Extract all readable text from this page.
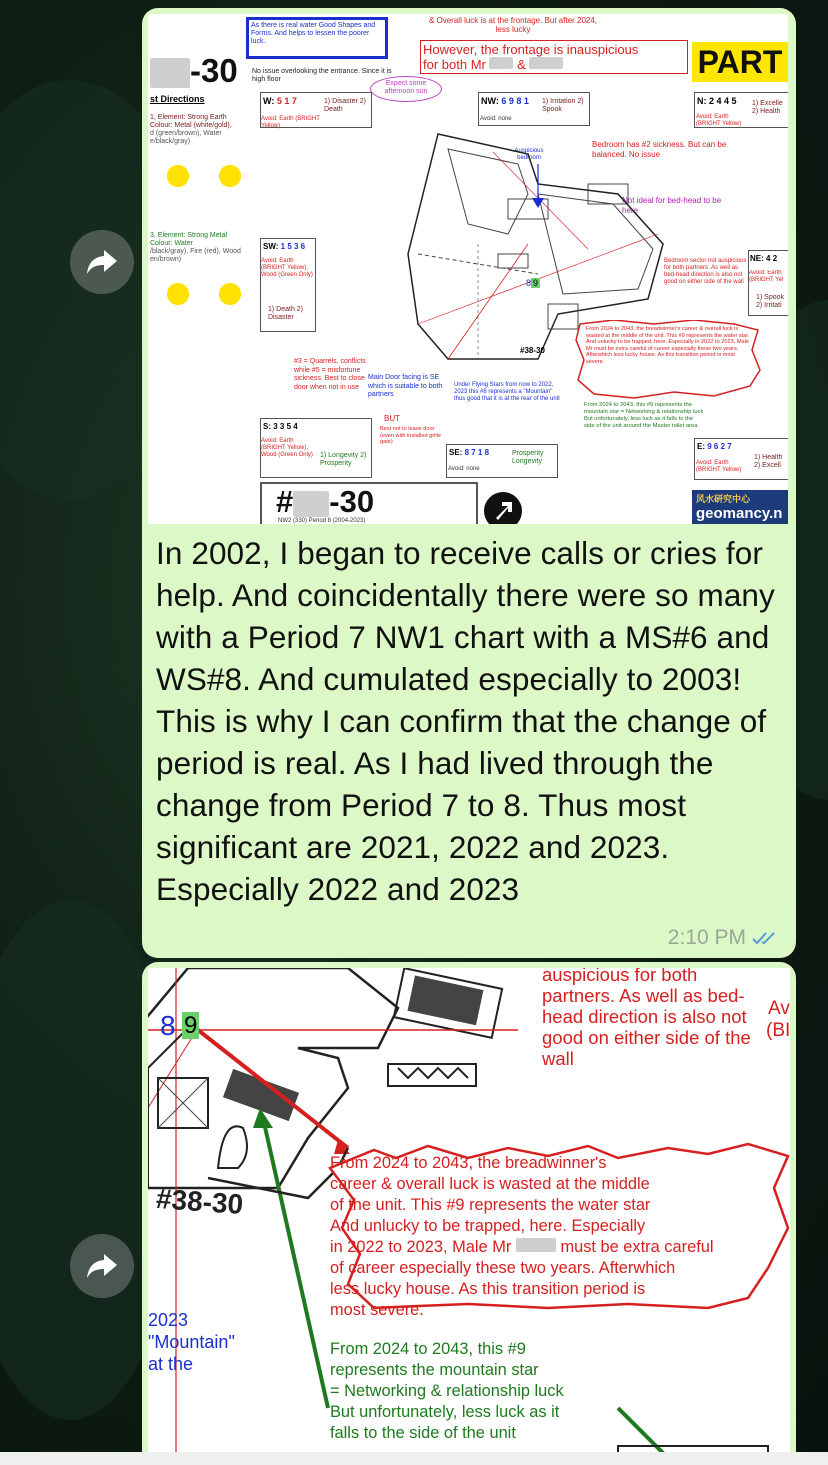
As there is real water Good Shapes and Forms. And helps to lessen the poorer luck.
& Overall luck is at the frontage. But after 2024, less lucky
-30 No issue overlooking the entrance. Since it is high floor
However, the frontage is inauspicious
for both Mr &	PART
st Directions
1, Element: Strong Earth
Colour: Metal (white/gold),
d (green/brown), Water
e/black/gray)
3, Element: Strong Metal
Colour: Water
/black/gray), Fire (red), Wood
en/brown)
W: 5 1 7	1) Disaster 2) Death
Avoid: Earth (BRIGHT Yellow)
Expect some afternoon sun
NW: 6 9 8 1 1) Irritation 2) Spook
Avoid: none
N: 2 4 4 5 1) Excelle 2) Health
Avoid: Earth (BRIGHT Yellow)
Bedroom has #2 sickness. But can be balanced. No issue
Not ideal for bed-head to be here
Auspicious bedroom
8 9
#38-30
SW: 1 5 3 6
Avoid: Earth (BRIGHT Yellow), Wood (Green Only)
1) Death 2) Disaster
Bedroom sector not auspicious for both partners. As well as bed-head direction is also not good on either side of the wall
NE: 4 2
Avoid: Earth (BRIGHT Yel
1) Spook 2) Irritati
From 2024 to 2043, the breadwinner's career & overall luck is wasted at the middle of the unit. This #9 represents the water star And unlucky to be trapped, here. Especially in 2022 to 2023, Male Mr must be extra careful of career especially these two years. Afterwhich less lucky house. As this transition period is most severe.
From 2024 to 2043, this #9 represents the mountain star = Networking & relationship luck But unfortunately, less luck as it falls to the side of the unit around the Master toilet area
#3 = Quarrels, conflicts while #5 = misfortune sickness. Best to close door when not in use
Main Door facing is SE which is suitable to both partners
BUT
Best not to leave door (even with installed grille gate)
Under Flying Stars from now to 2022, 2023 this #8 represents a "Mountain" thus good that it is at the rear of the unit
S: 3 3 5 4
Avoid: Earth (BRIGHT Yellow), Wood (Green Only)	1) Longevity 2) Prosperity
SE: 8 7 1 8	Prosperity Longevity
Avoid: none
E: 9 6 2 7
Avoid: Earth (BRIGHT Yellow)
1) Health 2) Excell
# -30
NW2 (330) Period 8 (2004-2023)
风水研究中心
geomancy.n
In 2002, I began to receive calls or cries for help. And coincidentally there were so many with a Period 7 NW1 chart with a MS#6 and WS#8. And cumulated especially to 2003! This is why I can confirm that the change of period is real. As I had lived through the change from Period 7 to 8. Thus most significant are 2021, 2022 and 2023. Especially 2022 and 2023
2:10 PM
8 9
#38-30
auspicious for both partners. As well as bed-head direction is also not good on either side of the wall
Av
(BI
From 2024 to 2043, the breadwinner's
career & overall luck is wasted at the middle
of the unit. This #9 represents the water star
And unlucky to be trapped, here. Especially
in 2022 to 2023, Male Mr	must be extra careful
of career especially these two years. Afterwhich
less lucky house. As this transition period is
most severe.
2023
"Mountain"
at the
From 2024 to 2043, this #9
represents the mountain star
= Networking & relationship luck
But unfortunately, less luck as it
falls to the side of the unit
